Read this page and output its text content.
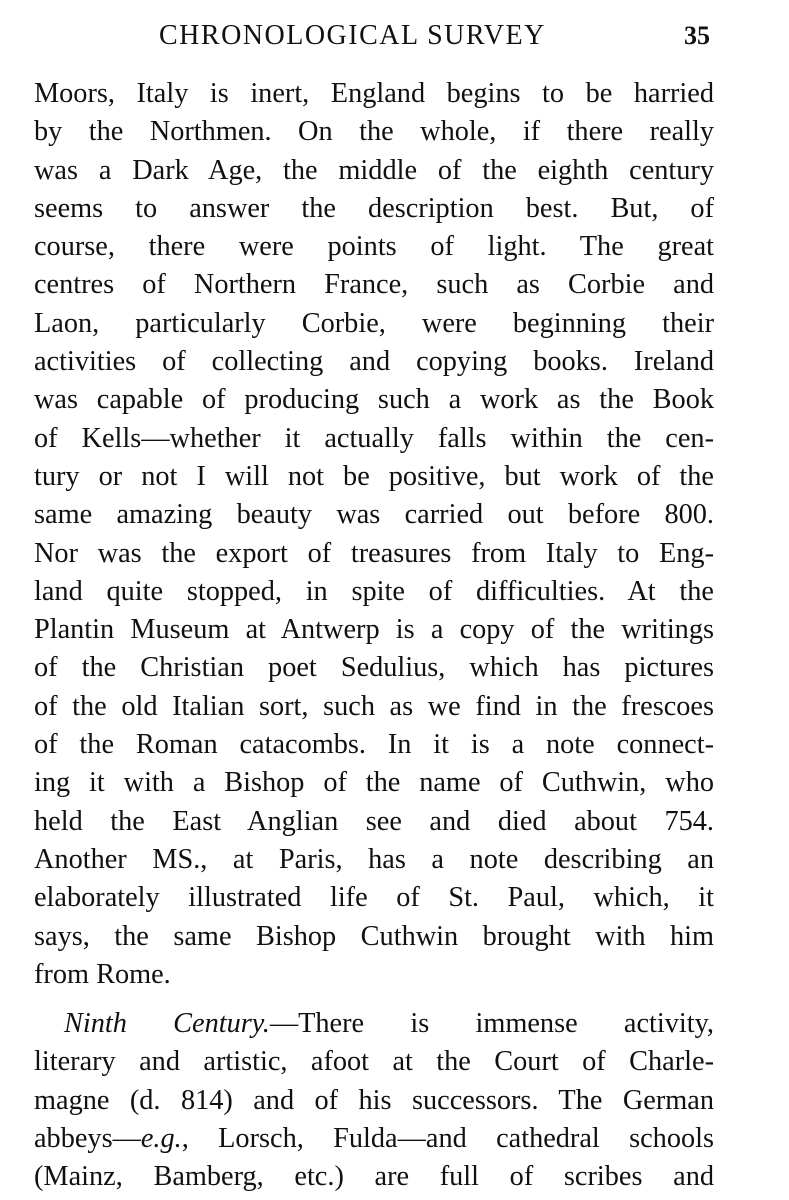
CHRONOLOGICAL SURVEY	35
Moors, Italy is inert, England begins to be harried
by the Northmen. On the whole, if there really
was a Dark Age, the middle of the eighth century
seems to answer the description best. But, of
course, there were points of light. The great
centres of Northern France, such as Corbie and
Laon, particularly Corbie, were beginning their
activities of collecting and copying books. Ireland
was capable of producing such a work as the Book
of Kells—whether it actually falls within the cen-
tury or not I will not be positive, but work of the
same amazing beauty was carried out before 800.
Nor was the export of treasures from Italy to Eng-
land quite stopped, in spite of difficulties. At the
Plantin Museum at Antwerp is a copy of the writings
of the Christian poet Sedulius, which has pictures
of the old Italian sort, such as we find in the frescoes
of the Roman catacombs. In it is a note connect-
ing it with a Bishop of the name of Cuthwin, who
held the East Anglian see and died about 754.
Another MS., at Paris, has a note describing an
elaborately illustrated life of St. Paul, which, it
says, the same Bishop Cuthwin brought with him
from Rome.
Ninth Century.—There is immense activity,
literary and artistic, afoot at the Court of Charle-
magne (d. 814) and of his successors. The German
abbeys—e.g., Lorsch, Fulda—and cathedral schools
(Mainz, Bamberg, etc.) are full of scribes and
